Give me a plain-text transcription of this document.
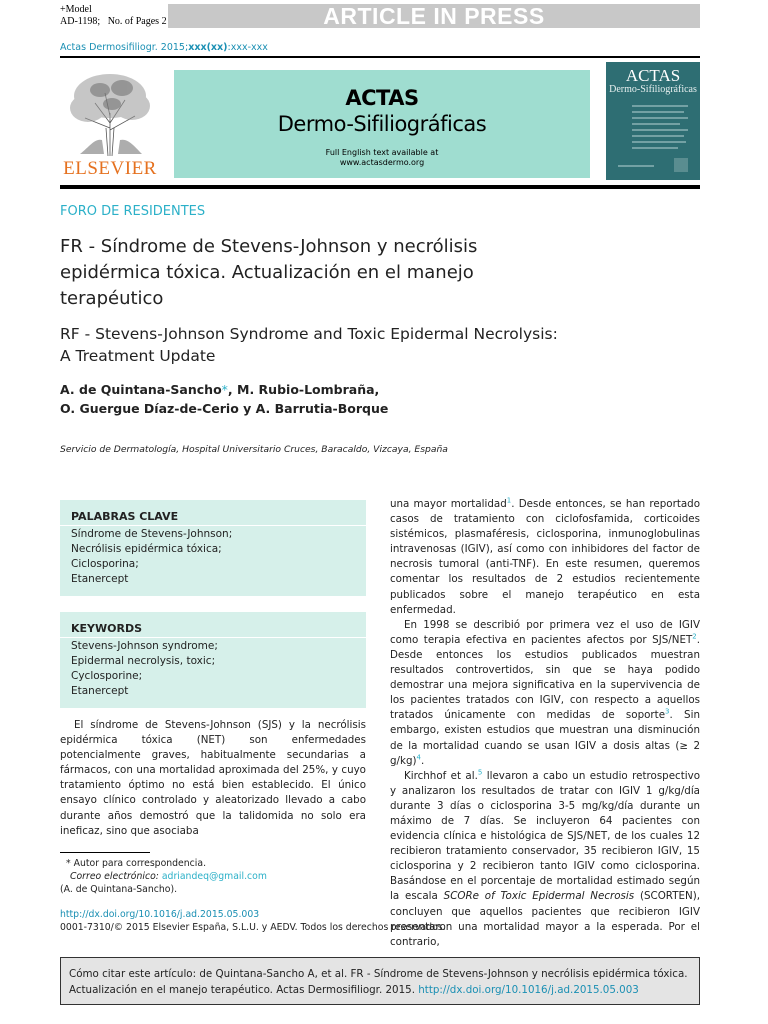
+Model
AD-1198; No. of Pages 2	ARTICLE IN PRESS
Actas Dermosifiliogr. 2015;xxx(xx):xxx-xxx
ELSEVIER
ACTAS
Dermo-Sifiliográficas
Full English text available at
www.actasdermo.org
ACTAS
Dermo-Sifiliográficas
FORO DE RESIDENTES
FR - Síndrome de Stevens-Johnson y necrólisis epidérmica tóxica. Actualización en el manejo terapéutico
RF - Stevens-Johnson Syndrome and Toxic Epidermal Necrolysis:
A Treatment Update
A. de Quintana-Sancho*, M. Rubio-Lombraña,
O. Guergue Díaz-de-Cerio y A. Barrutia-Borque
Servicio de Dermatología, Hospital Universitario Cruces, Baracaldo, Vizcaya, España
PALABRAS CLAVE
Síndrome de Stevens-Johnson;
Necrólisis epidérmica tóxica;
Ciclosporina;
Etanercept
KEYWORDS
Stevens-Johnson syndrome;
Epidermal necrolysis, toxic;
Cyclosporine;
Etanercept

El síndrome de Stevens-Johnson (SJS) y la necrólisis epidérmica tóxica (NET) son enfermedades potencialmente graves, habitualmente secundarias a fármacos, con una mortalidad aproximada del 25%, y cuyo tratamiento óptimo no está bien establecido. El único ensayo clínico controlado y aleatorizado llevado a cabo durante años demostró que la talidomida no solo era ineficaz, sino que asociaba

una mayor mortalidad$^1$. Desde entonces, se han reportado casos de tratamiento con ciclofosfamida, corticoides sistémicos, plasmaféresis, ciclosporina, inmunoglobulinas intravenosas (IGIV), así como con inhibidores del factor de necrosis tumoral (anti-TNF). En este resumen, queremos comentar los resultados de 2 estudios recientemente publicados sobre el manejo terapéutico en esta enfermedad.

En 1998 se describió por primera vez el uso de IGIV como terapia efectiva en pacientes afectos por SJS/NET$^2$. Desde entonces los estudios publicados muestran resultados controvertidos, sin que se haya podido demostrar una mejora significativa en la supervivencia de los pacientes tratados con IGIV, con respecto a aquellos tratados únicamente con medidas de soporte$^3$. Sin embargo, existen estudios que muestran una disminución de la mortalidad cuando se usan IGIV a dosis altas (≥ 2 g/kg)$^4$.

Kirchhof et al.$^5$ llevaron a cabo un estudio retrospectivo y analizaron los resultados de tratar con IGIV 1 g/kg/día durante 3 días o ciclosporina 3-5 mg/kg/día durante un máximo de 7 días. Se incluyeron 64 pacientes con evidencia clínica e histológica de SJS/NET, de los cuales 12 recibieron tratamiento conservador, 35 recibieron IGIV, 15 ciclosporina y 2 recibieron tanto IGIV como ciclosporina. Basándose en el porcentaje de mortalidad estimado según la escala SCORe of Toxic Epidermal Necrosis (SCORTEN), concluyen que aquellos pacientes que recibieron IGIV presentaron una mortalidad mayor a la esperada. Por el contrario,

* Autor para correspondencia.
Correo electrónico: adriandeq@gmail.com
(A. de Quintana-Sancho).
http://dx.doi.org/10.1016/j.ad.2015.05.003
0001-7310/© 2015 Elsevier España, S.L.U. y AEDV. Todos los derechos reservados.
Cómo citar este artículo: de Quintana-Sancho A, et al. FR - Síndrome de Stevens-Johnson y necrólisis epidérmica tóxica. Actualización en el manejo terapéutico. Actas Dermosifiliogr. 2015. http://dx.doi.org/10.1016/j.ad.2015.05.003
